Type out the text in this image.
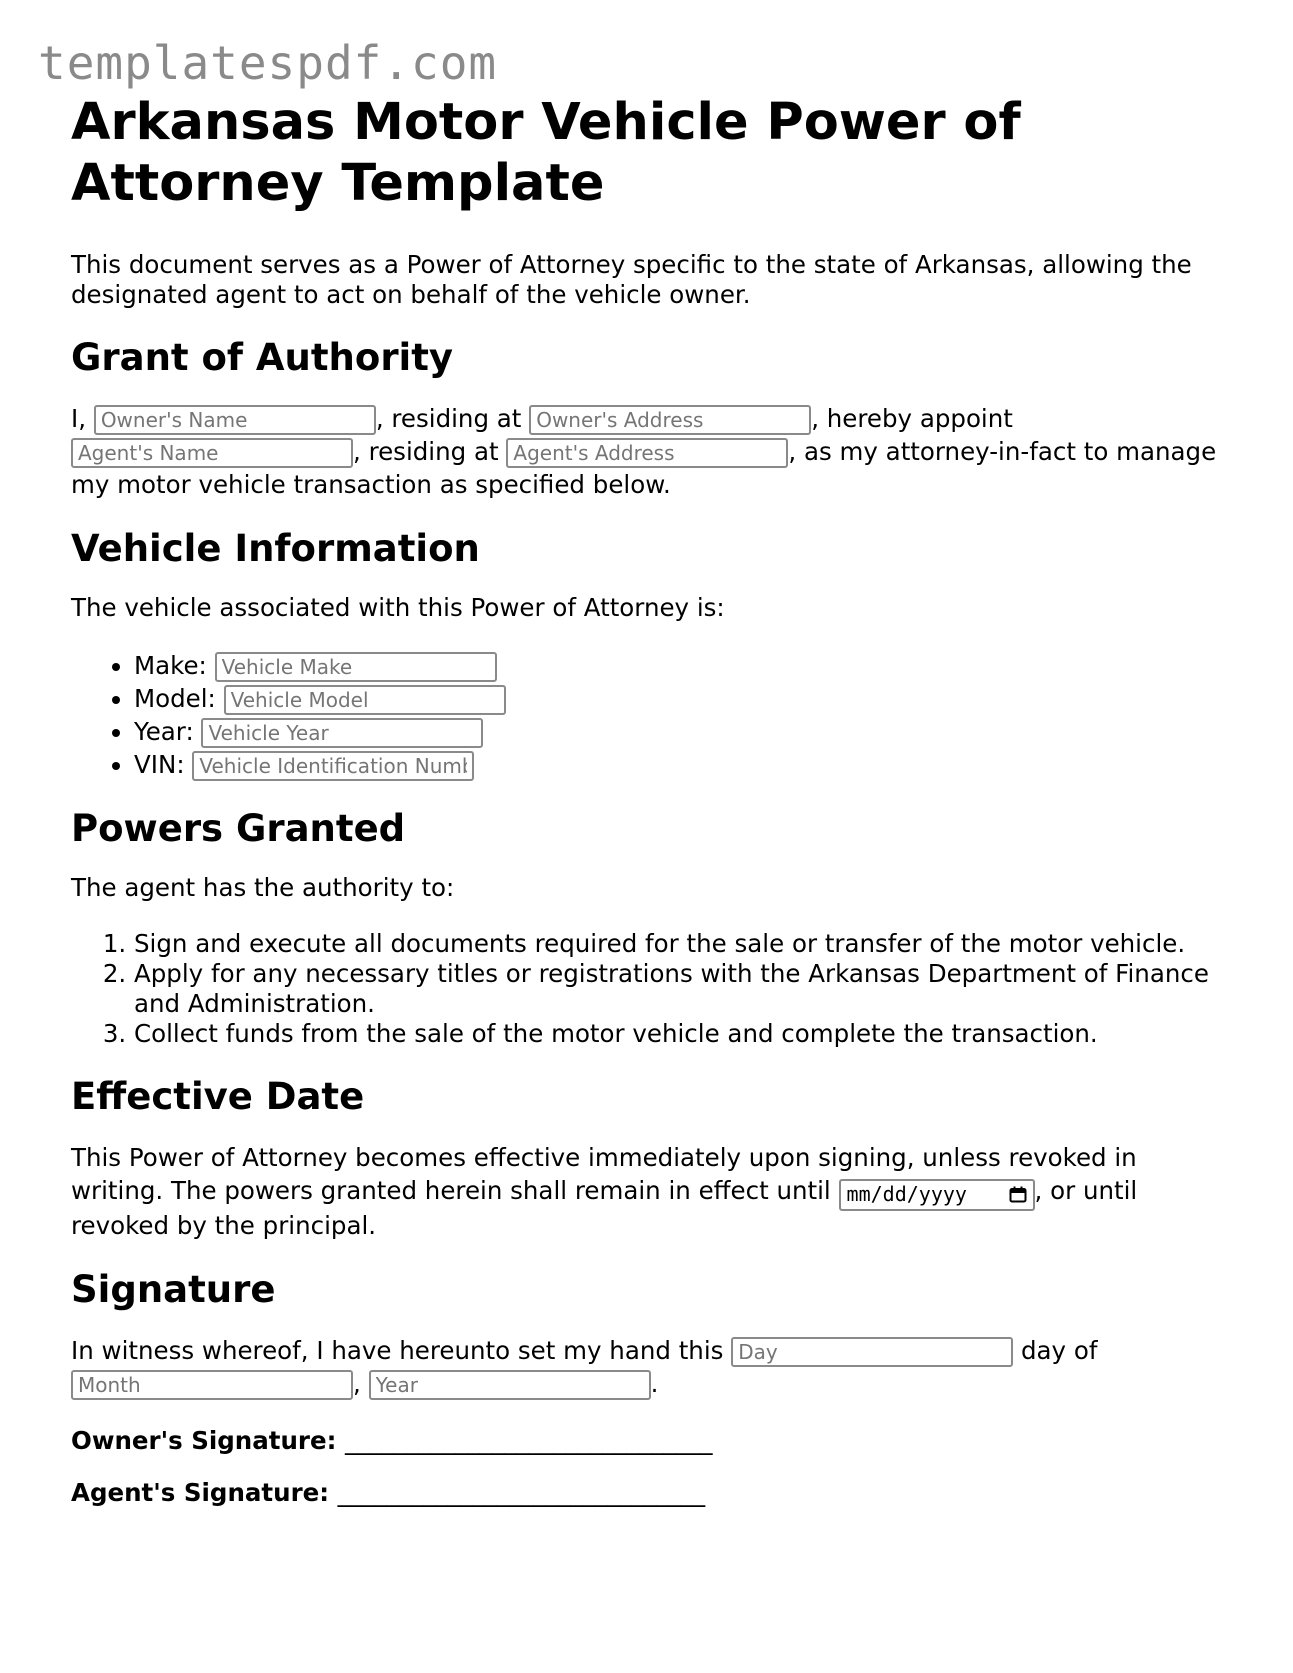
templatespdf.com
Arkansas Motor Vehicle Power of Attorney Template

This document serves as a Power of Attorney specific to the state of Arkansas, allowing the designated agent to act on behalf of the vehicle owner.

Grant of Authority

I, Owner's Name	, residing at Owner's Address	, hereby appoint Agent's Name, residing at Agent's Address	, as my attorney-in-fact to manage my motor vehicle transaction as specified below.

Vehicle Information

The vehicle associated with this Power of Attorney is:

• Make: Vehicle Make
• Model: Vehicle Model
• Year: Vehicle Year
• VIN: Vehicle Identification Number
Powers Granted

The agent has the authority to:

1. Sign and execute all documents required for the sale or transfer of the motor vehicle.
2. Apply for any necessary titles or registrations with the Arkansas Department of Finance and Administration.
3. Collect funds from the sale of the motor vehicle and complete the transaction.
Effective Date

This Power of Attorney becomes effective immediately upon signing, unless revoked in writing. The powers granted herein shall remain in effect until mm/dd/yyyy	, or until revoked by the principal.

Signature

In witness whereof, I have hereunto set my hand this Day	day of Month, Year	.

Owner's Signature: ______________________________

Agent's Signature: ______________________________
